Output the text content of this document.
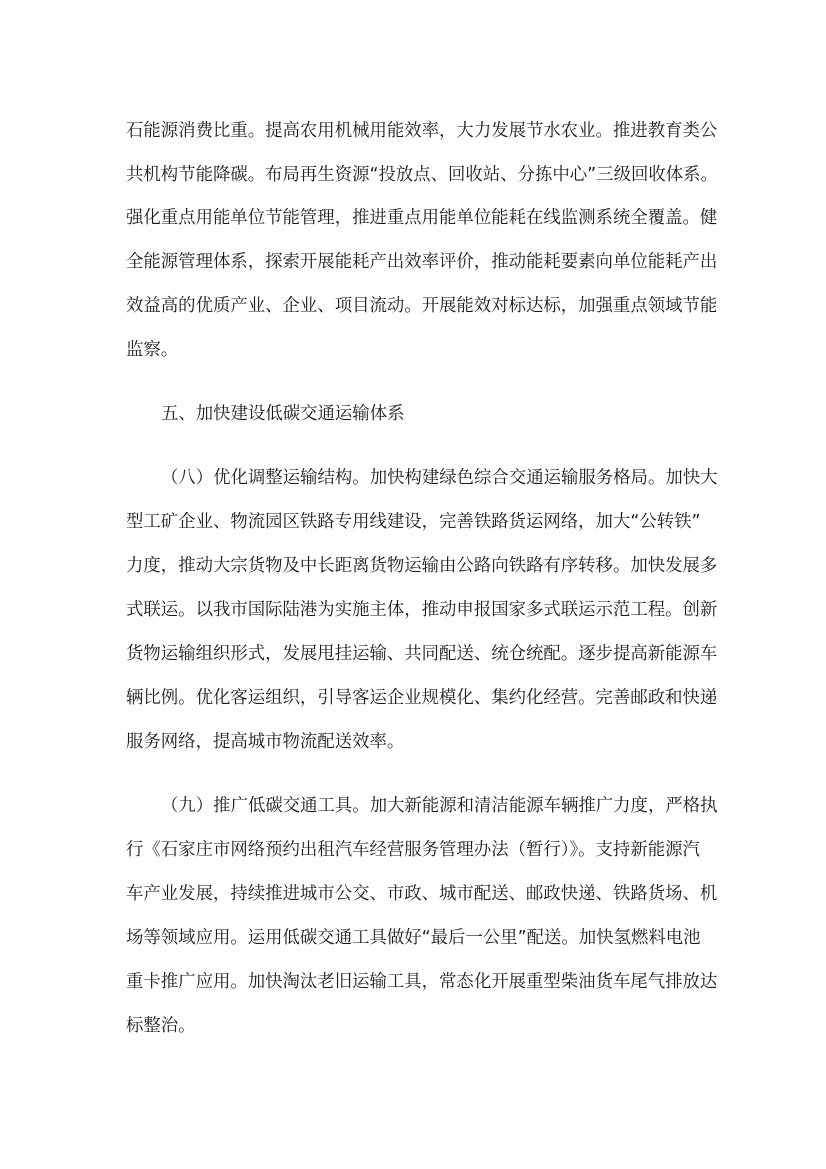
石能源消费比重。提高农用机械用能效率，大力发展节水农业。推进教育类公
共机构节能降碳。布局再生资源“投放点、回收站、分拣中心”三级回收体系。
强化重点用能单位节能管理，推进重点用能单位能耗在线监测系统全覆盖。健
全能源管理体系，探索开展能耗产出效率评价，推动能耗要素向单位能耗产出
效益高的优质产业、企业、项目流动。开展能效对标达标，加强重点领域节能
监察。
五、加快建设低碳交通运输体系
（八）优化调整运输结构。加快构建绿色综合交通运输服务格局。加快大
型工矿企业、物流园区铁路专用线建设，完善铁路货运网络，加大“公转铁”
力度，推动大宗货物及中长距离货物运输由公路向铁路有序转移。加快发展多
式联运。以我市国际陆港为实施主体，推动申报国家多式联运示范工程。创新
货物运输组织形式，发展甩挂运输、共同配送、统仓统配。逐步提高新能源车
辆比例。优化客运组织，引导客运企业规模化、集约化经营。完善邮政和快递
服务网络，提高城市物流配送效率。
（九）推广低碳交通工具。加大新能源和清洁能源车辆推广力度，严格执
行《石家庄市网络预约出租汽车经营服务管理办法（暂行）》。支持新能源汽
车产业发展，持续推进城市公交、市政、城市配送、邮政快递、铁路货场、机
场等领域应用。运用低碳交通工具做好“最后一公里”配送。加快氢燃料电池
重卡推广应用。加快淘汰老旧运输工具，常态化开展重型柴油货车尾气排放达
标整治。
